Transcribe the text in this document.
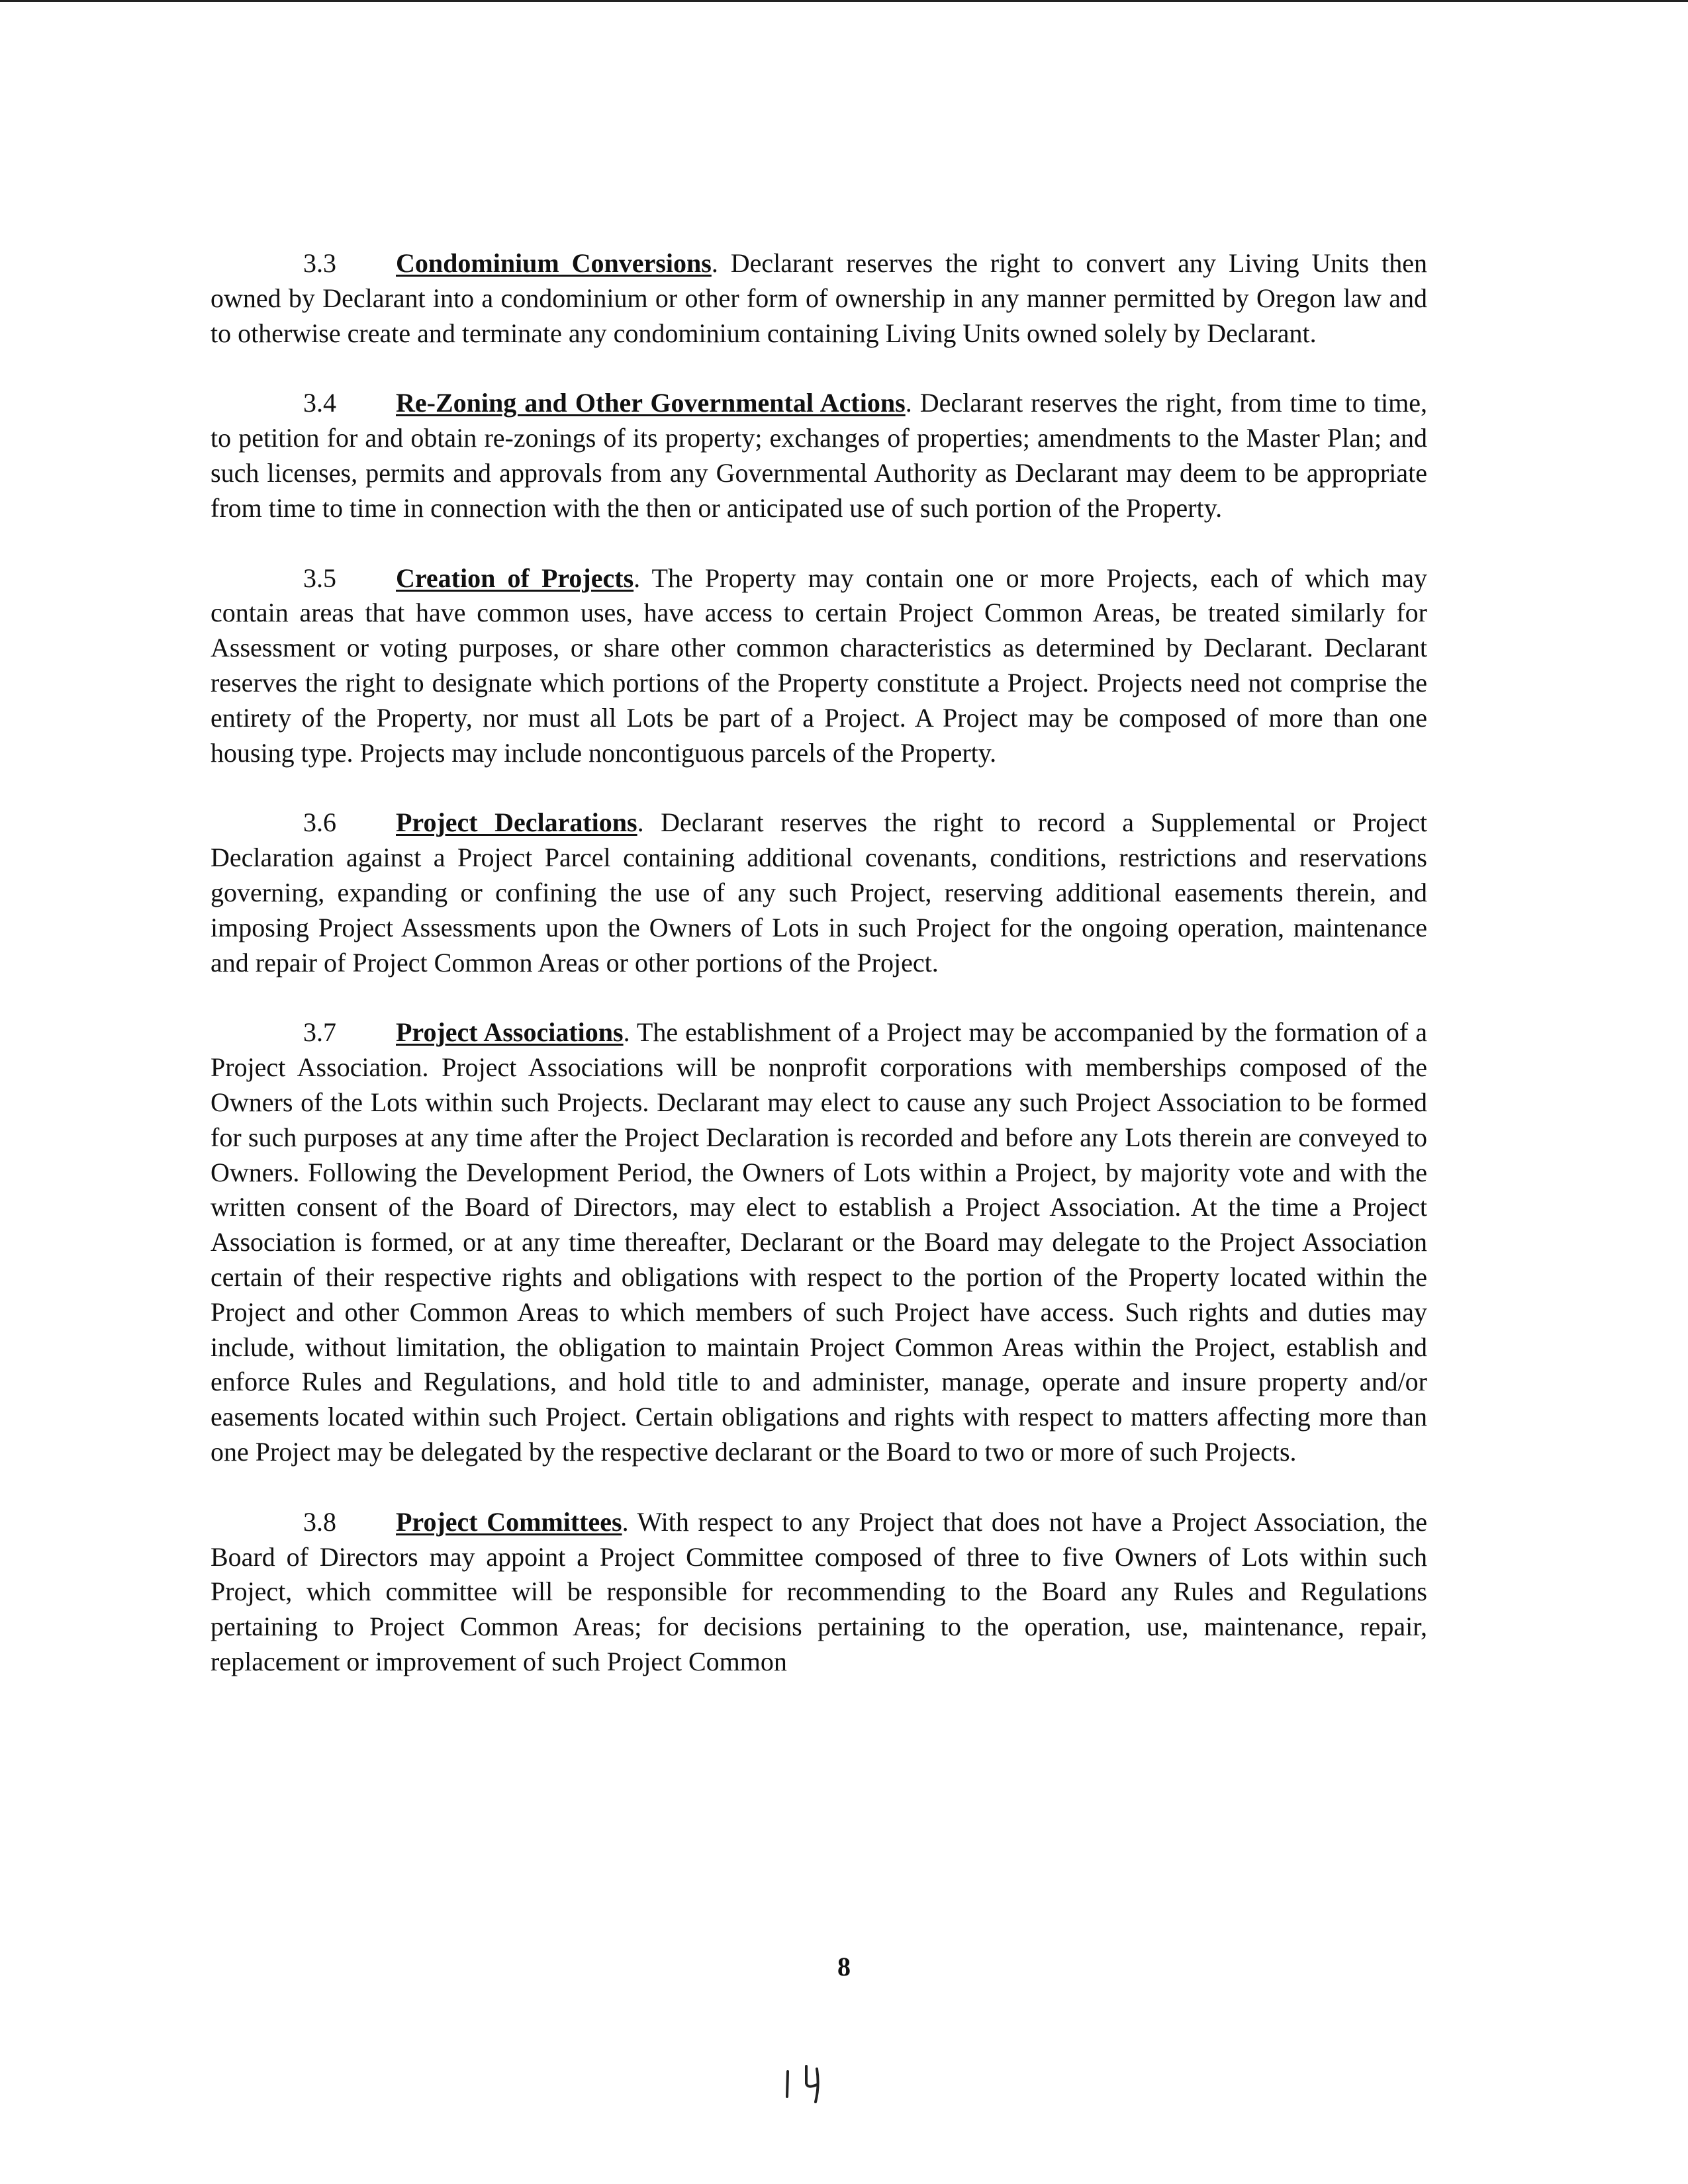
3.3 Condominium Conversions. Declarant reserves the right to convert any Living Units then owned by Declarant into a condominium or other form of ownership in any manner permitted by Oregon law and to otherwise create and terminate any condominium containing Living Units owned solely by Declarant.

3.4 Re-Zoning and Other Governmental Actions. Declarant reserves the right, from time to time, to petition for and obtain re-zonings of its property; exchanges of properties; amendments to the Master Plan; and such licenses, permits and approvals from any Governmental Authority as Declarant may deem to be appropriate from time to time in connection with the then or anticipated use of such portion of the Property.

3.5 Creation of Projects. The Property may contain one or more Projects, each of which may contain areas that have common uses, have access to certain Project Common Areas, be treated similarly for Assessment or voting purposes, or share other common characteristics as determined by Declarant. Declarant reserves the right to designate which portions of the Property constitute a Project. Projects need not comprise the entirety of the Property, nor must all Lots be part of a Project. A Project may be composed of more than one housing type. Projects may include noncontiguous parcels of the Property.

3.6 Project Declarations. Declarant reserves the right to record a Supplemental or Project Declaration against a Project Parcel containing additional covenants, conditions, restrictions and reservations governing, expanding or confining the use of any such Project, reserving additional easements therein, and imposing Project Assessments upon the Owners of Lots in such Project for the ongoing operation, maintenance and repair of Project Common Areas or other portions of the Project.

3.7 Project Associations. The establishment of a Project may be accompanied by the formation of a Project Association. Project Associations will be nonprofit corporations with memberships composed of the Owners of the Lots within such Projects. Declarant may elect to cause any such Project Association to be formed for such purposes at any time after the Project Declaration is recorded and before any Lots therein are conveyed to Owners. Following the Development Period, the Owners of Lots within a Project, by majority vote and with the written consent of the Board of Directors, may elect to establish a Project Association. At the time a Project Association is formed, or at any time thereafter, Declarant or the Board may delegate to the Project Association certain of their respective rights and obligations with respect to the portion of the Property located within the Project and other Common Areas to which members of such Project have access. Such rights and duties may include, without limitation, the obligation to maintain Project Common Areas within the Project, establish and enforce Rules and Regulations, and hold title to and administer, manage, operate and insure property and/or easements located within such Project. Certain obligations and rights with respect to matters affecting more than one Project may be delegated by the respective declarant or the Board to two or more of such Projects.

3.8 Project Committees. With respect to any Project that does not have a Project Association, the Board of Directors may appoint a Project Committee composed of three to five Owners of Lots within such Project, which committee will be responsible for recommending to the Board any Rules and Regulations pertaining to Project Common Areas; for decisions pertaining to the operation, use, maintenance, repair, replacement or improvement of such Project Common

8
